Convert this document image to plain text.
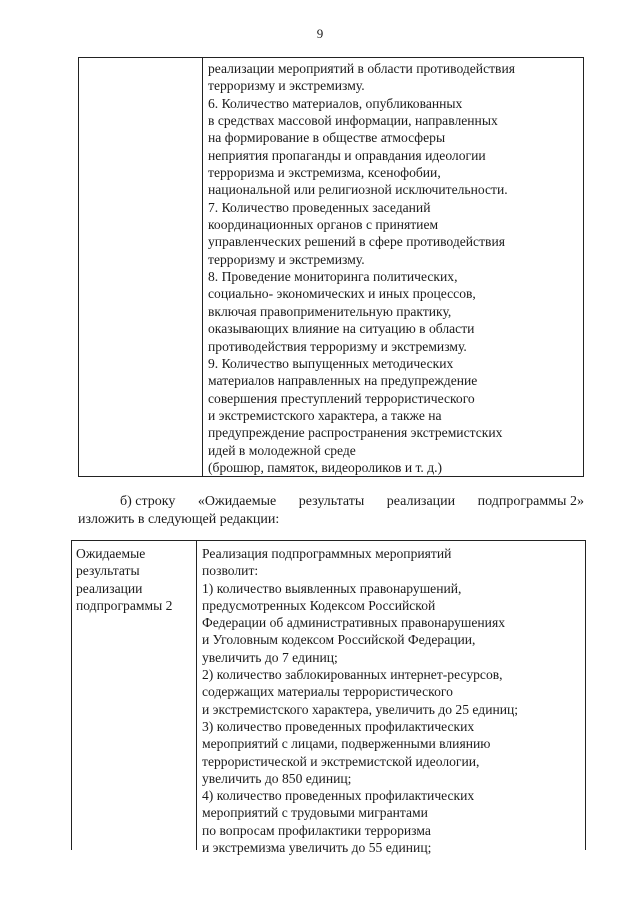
9
реализации мероприятий в области противодействия
терроризму и экстремизму.
6. Количество материалов, опубликованных
в средствах массовой информации, направленных
на формирование в обществе атмосферы
неприятия пропаганды и оправдания идеологии
терроризма и экстремизма, ксенофобии,
национальной или религиозной исключительности.
7. Количество проведенных заседаний
координационных органов с принятием
управленческих решений в сфере противодействия
терроризму и экстремизму.
8. Проведение мониторинга политических,
социально- экономических и иных процессов,
включая правоприменительную практику,
оказывающих влияние на ситуацию в области
противодействия терроризму и экстремизму.
9. Количество выпущенных методических
материалов направленных на предупреждение
совершения преступлений террористического
и экстремистского характера, а также на
предупреждение распространения экстремистских
идей в молодежной среде
(брошюр, памяток, видеороликов и т. д.)
б) строку «Ожидаемые результаты реализации подпрограммы 2»
изложить в следующей редакции:
Ожидаемые
результаты
реализации
подпрограммы 2
Реализация подпрограммных мероприятий
позволит:
1) количество выявленных правонарушений,
предусмотренных Кодексом Российской
Федерации об административных правонарушениях
и Уголовным кодексом Российской Федерации,
увеличить до 7 единиц;
2) количество заблокированных интернет-ресурсов,
содержащих материалы террористического
и экстремистского характера, увеличить до 25 единиц;
3) количество проведенных профилактических
мероприятий с лицами, подверженными влиянию
террористической и экстремистской идеологии,
увеличить до 850 единиц;
4) количество проведенных профилактических
мероприятий с трудовыми мигрантами
по вопросам профилактики терроризма
и экстремизма увеличить до 55 единиц;
